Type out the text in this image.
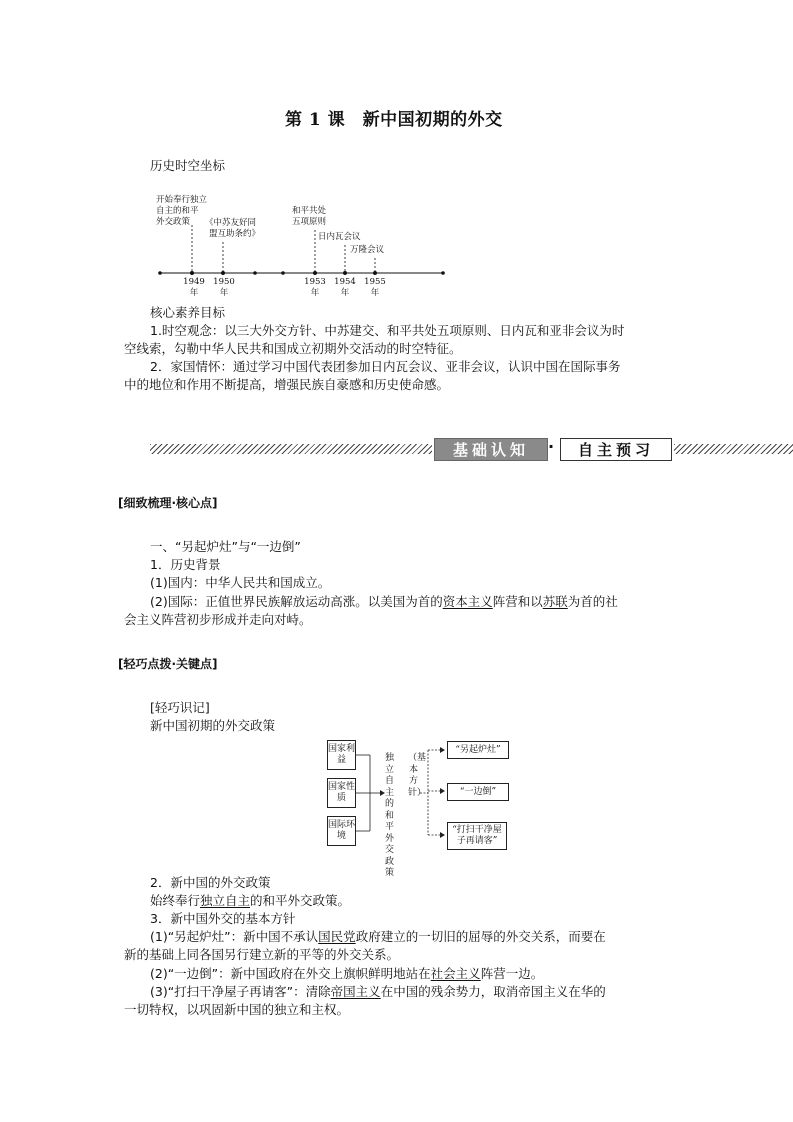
第 1 课　新中国初期的外交
历史时空坐标
开始奉行独立
自主的和平
外交政策	《中苏友好同
盟互助条约》
和平共处
五项原则
日内瓦会议
万隆会议
1949
年
1950
年
1953
年
1954
年
1955
年
核心素养目标
1.时空观念：以三大外交方针、中苏建交、和平共处五项原则、日内瓦和亚非会议为时
空线索，勾勒中华人民共和国成立初期外交活动的时空特征。
2．家国情怀：通过学习中国代表团参加日内瓦会议、亚非会议，认识中国在国际事务
中的地位和作用不断提高，增强民族自豪感和历史使命感。
基础认知	·	自主预习
[细致梳理·核心点]
一、“另起炉灶”与“一边倒”
1．历史背景
(1)国内：中华人民共和国成立。
(2)国际：正值世界民族解放运动高涨。以美国为首的资本主义阵营和以苏联为首的社
会主义阵营初步形成并走向对峙。
[轻巧点拨·关键点]
[轻巧识记]
新中国初期的外交政策
国家利益
国家性质
国际环境
独立自主的和平外交政策
（基本方针）
“另起炉灶”
“一边倒”
“打扫干净屋子再请客”
2．新中国的外交政策
始终奉行独立自主的和平外交政策。
3．新中国外交的基本方针
(1)“另起炉灶”：新中国不承认国民党政府建立的一切旧的屈辱的外交关系，而要在
新的基础上同各国另行建立新的平等的外交关系。
(2)“一边倒”：新中国政府在外交上旗帜鲜明地站在社会主义阵营一边。
(3)“打扫干净屋子再请客”：清除帝国主义在中国的残余势力，取消帝国主义在华的
一切特权，以巩固新中国的独立和主权。
